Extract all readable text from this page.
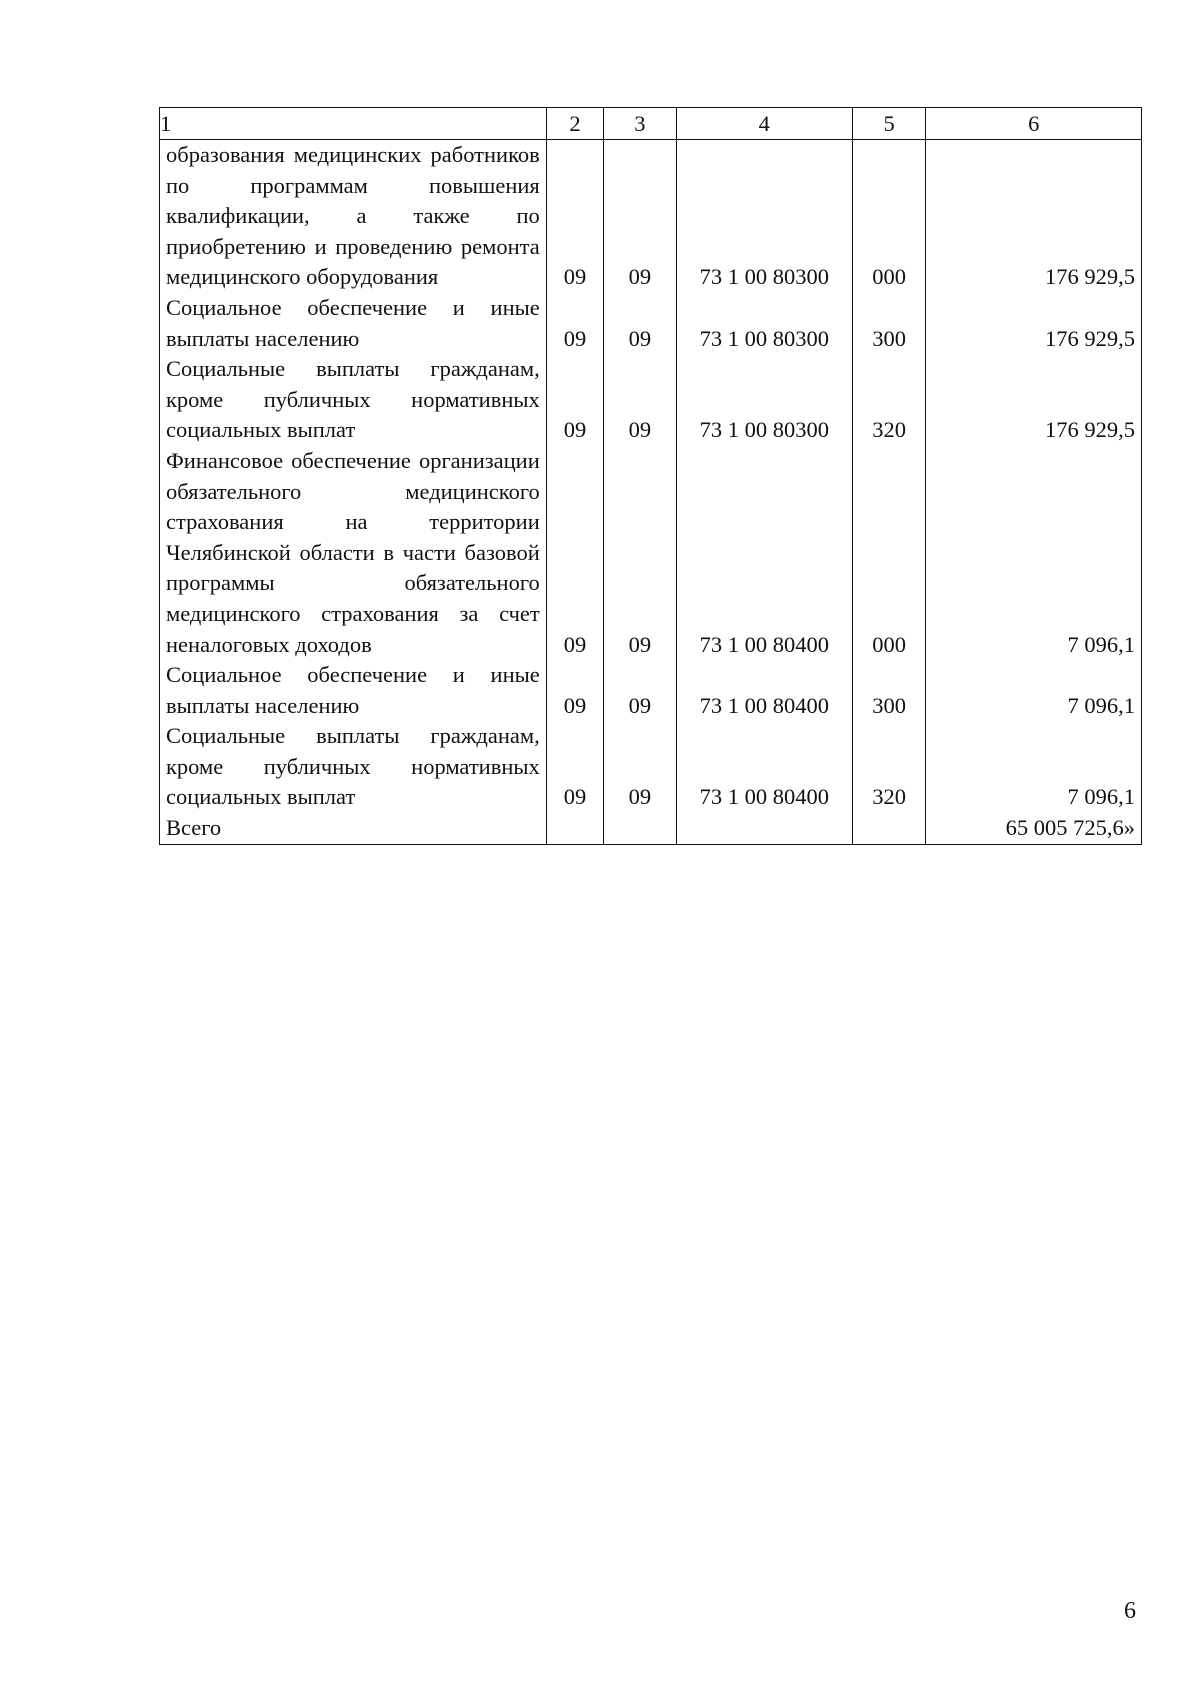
1	2	3	4	5	6
образования медицинских работников по программам повышения квалификации, а также по приобретению и проведению ремонта медицинского оборудования	09	09	73 1 00 80300	000	176 929,5
Социальное обеспечение и иные выплаты населению	09	09	73 1 00 80300	300	176 929,5
Социальные выплаты гражданам, кроме публичных нормативных социальных выплат	09	09	73 1 00 80300	320	176 929,5
Финансовое обеспечение организации обязательного медицинского страхования на территории Челябинской области в части базовой программы обязательного медицинского страхования за счет неналоговых доходов	09	09	73 1 00 80400	000	7 096,1
Социальное обеспечение и иные выплаты населению	09	09	73 1 00 80400	300	7 096,1
Социальные выплаты гражданам, кроме публичных нормативных социальных выплат	09	09	73 1 00 80400	320	7 096,1
Всего					65 005 725,6»
6
